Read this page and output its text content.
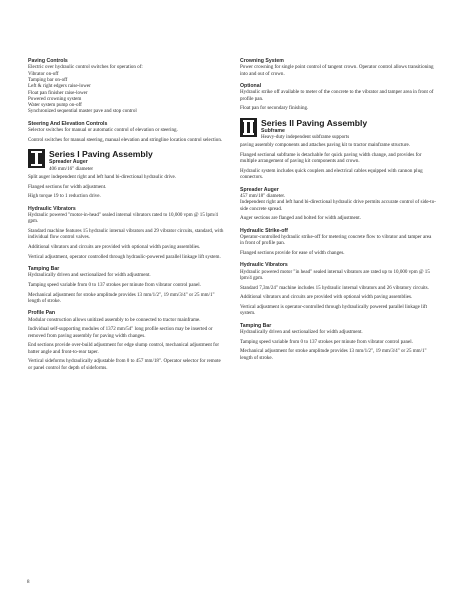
Paving Controls
Electric over hydraulic control switches for operation of:
Vibrator on-off
Tamping bar on-off
Left & right edgers raise-lower
Float pan finisher raise-lower
Powered crowning system
Water system pump on-off
Synchronized sequential master pave and stop control
Steering And Elevation Controls

Selector switches for manual or automatic control of elevation or steering.

Control switches for manual steering, manual elevation and stringline location control selection.

Series I Paving Assembly
Spreader Auger
406 mm/16" diameter

Split auger independent right and left hand bi-directional hydraulic drive.

Flanged sections for width adjustment.

High torque 19 to 1 reduction drive.

Hydraulic Vibrators

Hydraulic powered "motor-in-head" sealed internal vibrators rated to 10,000 vpm @ 15 lpm/4 gpm.

Standard machine features 15 hydraulic internal vibrators and 29 vibrator circuits, standard, with individual flow control valves.

Additional vibrators and circuits are provided with optional width paving assemblies.

Vertical adjustment, operator controlled through hydraulic-powered parallel linkage lift system.

Tamping Bar

Hydraulically driven and sectionalized for width adjustment.

Tamping speed variable from 0 to 137 strokes per minute from vibrator control panel.

Mechanical adjustment for stroke amplitude provides 13 mm/1/2", 19 mm/3/4" or 25 mm/1" length of stroke.

Profile Pan

Modular construction allows unitized assembly to be connected to tractor mainframe.

Individual self-supporting modules of 1372 mm/54" long profile section may be inserted or removed from paving assembly for paving width changes.

End sections provide over-build adjustment for edge slump control, mechanical adjustment for batter angle and front-to-rear taper.

Vertical sideforms hydraulically adjustable from 0 to 457 mm/18". Operator selector for remote or panel control for depth of sideforms.

Crowning System

Power crowning for single point control of tangent crown. Operator control allows transitioning into and out of crown.

Optional

Hydraulic strike off available to meter of the concrete to the vibrator and tamper area in front of profile pan.

Float pan for secondary finishing.

Series II Paving Assembly
Subframe
Heavy-duty independent subframe supports

paving assembly components and attaches paving kit to tractor mainframe structure.

Flanged sectional subframe is detachable for quick paving width change, and provides for multiple arrangement of paving kit components and crown.

Hydraulic system includes quick couplers and electrical cables equipped with cannon plug connectors.

Spreader Auger
457 mm/18" diameter.

Independent right and left hand bi-directional hydraulic drive permits accurate control of side-to-side concrete spread.

Auger sections are flanged and bolted for width adjustment.

Hydraulic Strike-off

Operator-controlled hydraulic strike-off for metering concrete flow to vibrator and tamper area in front of profile pan.

Flanged sections provide for ease of width changes.

Hydraulic Vibrators

Hydraulic powered motor "in head" sealed internal vibrators are rated up to 10,000 vpm @ 15 lpm/4 gpm.

Standard 7,3m/24" machine includes 15 hydraulic internal vibrators and 26 vibratory circuits.

Additional vibrators and circuits are provided with optional width paving assemblies.

Vertical adjustment is operator-controlled through hydraulically powered parallel linkage lift system.

Tamping Bar

Hydraulically driven and sectionalized for width adjustment.

Tamping speed variable from 0 to 137 strokes per minute from vibrator control panel.

Mechanical adjustment for stroke amplitude provides 13 mm/1/2", 19 mm/3/4" or 25 mm/1" length of stroke.

8
